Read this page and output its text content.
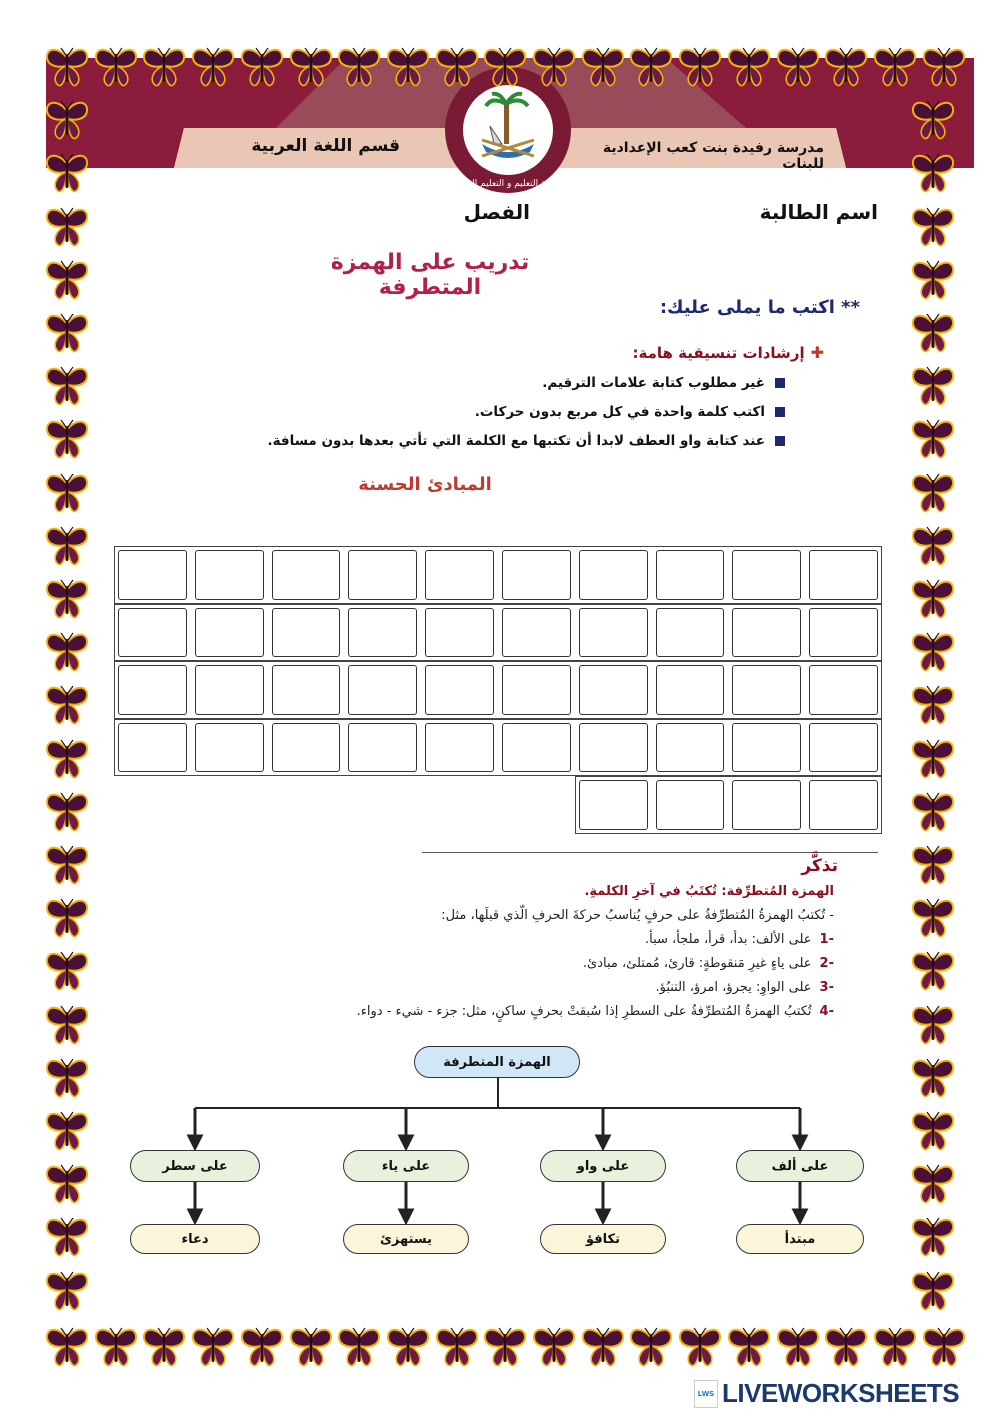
وزارة التعليم و التعليم العالي
مدرسة رفيدة بنت كعب الإعدادية للبنات
قسم اللغة العربية
اسم الطالبة
الفصل
تدريب على الهمزة المتطرفة
** اكتب ما يملى عليك:
✚
إرشادات تنسيقية هامة:
غير مطلوب كتابة علامات الترقيم.
اكتب كلمة واحدة في كل مربع بدون حركات.
عند كتابة واو العطف لابدا أن تكتبها مع الكلمة التي تأتي بعدها بدون مسافة.
المبادئ الحسنة
تذكَّر
الهمزة المُتطرِّفة: تُكتَبُ في آخرِ الكلمةِ.
- تُكتبُ الهمزةُ المُتطرِّفةُ على حرفٍ يُناسبُ حركةَ الحرفِ الّذي قبلَها، مثل:
-1على الألف: بدأ، قرأ، ملجأ، سبأ.
-2على ياءٍ غيرِ مَنقوطةٍ: قارئ، مُمتلئ، مبادئ.
-3على الواوِ: يجرؤ، امرؤ، التنبُؤ.
-4تُكتبُ الهمزةُ المُتطرِّفةُ على السطرِ إذا سُبقتْ بحرفٍ ساكنٍ، مثل: جزء - شيء - دواء.
الهمزة المتطرفة
على ألف
على واو
على ياء
على سطر
مبتدأ
تكافؤ
يستهزئ
دعاء
LWS LIVEWORKSHEETS
